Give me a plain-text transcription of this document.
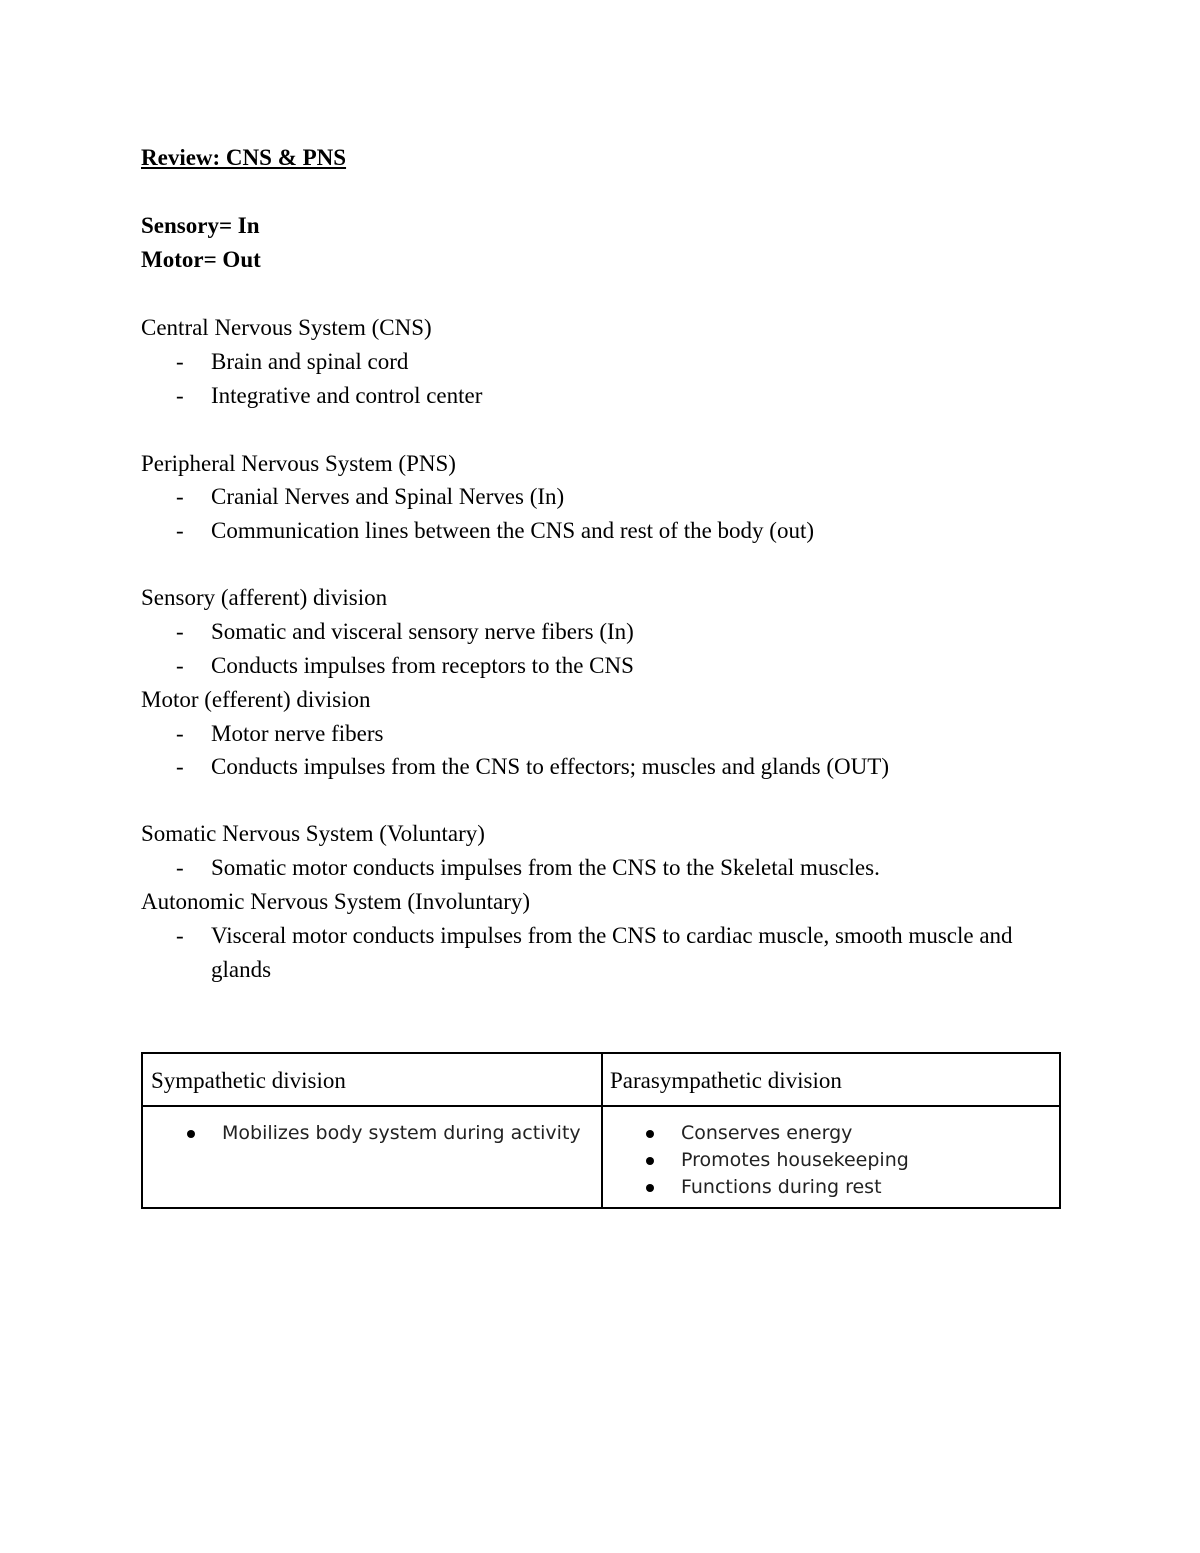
Review: CNS & PNS
Sensory= In
Motor= Out
Central Nervous System (CNS)
- Brain and spinal cord
- Integrative and control center
Peripheral Nervous System (PNS)
- Cranial Nerves and Spinal Nerves (In)
- Communication lines between the CNS and rest of the body (out)
Sensory (afferent) division
- Somatic and visceral sensory nerve fibers (In)
- Conducts impulses from receptors to the CNS
Motor (efferent) division
- Motor nerve fibers
- Conducts impulses from the CNS to effectors; muscles and glands (OUT)
Somatic Nervous System (Voluntary)
- Somatic motor conducts impulses from the CNS to the Skeletal muscles.
Autonomic Nervous System (Involuntary)
-	Visceral motor conducts impulses from the CNS to cardiac muscle, smooth muscle and glands
Sympathetic division	Parasympathetic division
Mobilizes body system during activity	Conserves energy
Promotes housekeeping
Functions during rest
